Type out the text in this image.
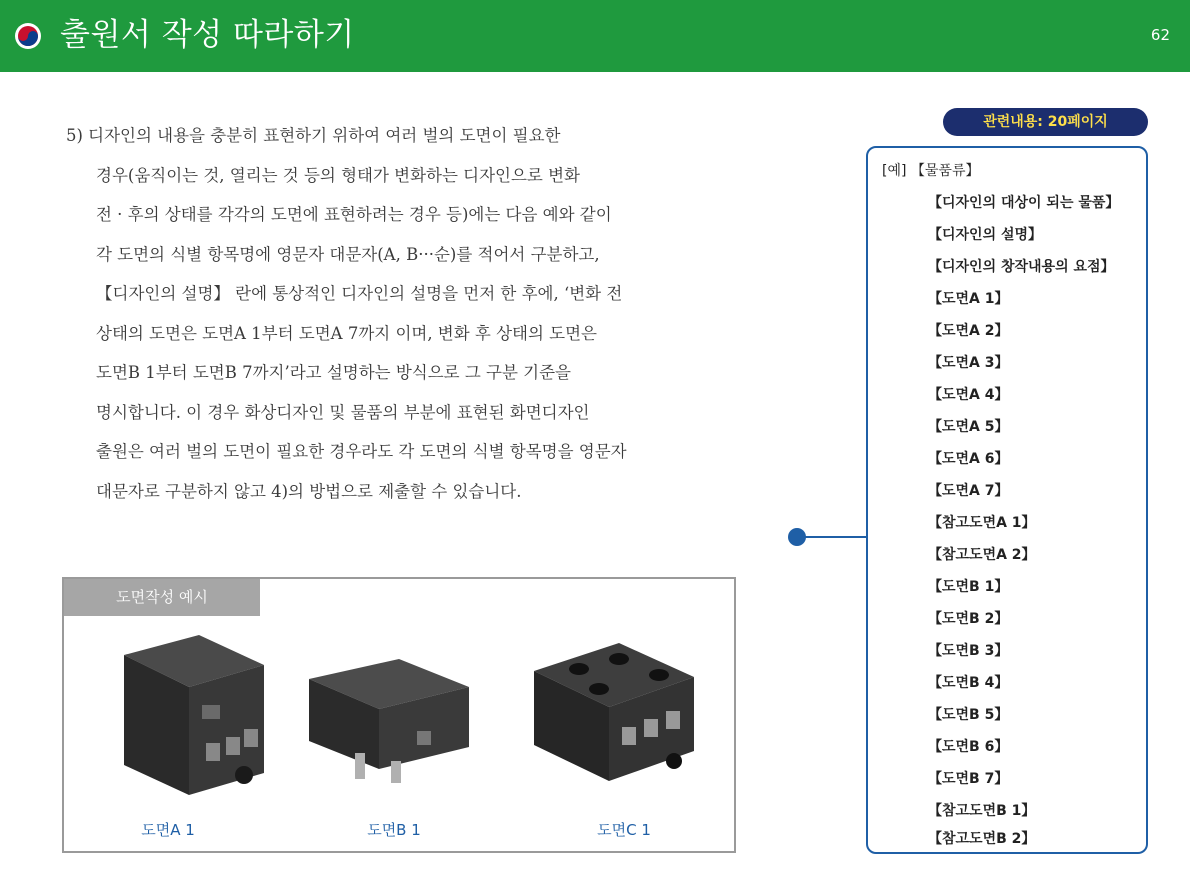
출원서 작성 따라하기	62
5) 디자인의 내용을 충분히 표현하기 위하여 여러 벌의 도면이 필요한
경우(움직이는 것, 열리는 것 등의 형태가 변화하는 디자인으로 변화
전 · 후의 상태를 각각의 도면에 표현하려는 경우 등)에는 다음 예와 같이
각 도면의 식별 항목명에 영문자 대문자(A, B···순)를 적어서 구분하고,
【디자인의 설명】 란에 통상적인 디자인의 설명을 먼저 한 후에, ‘변화 전
상태의 도면은 도면A 1부터 도면A 7까지 이며, 변화 후 상태의 도면은
도면B 1부터 도면B 7까지’라고 설명하는 방식으로 그 구분 기준을
명시합니다. 이 경우 화상디자인 및 물품의 부분에 표현된 화면디자인
출원은 여러 벌의 도면이 필요한 경우라도 각 도면의 식별 항목명을 영문자
대문자로 구분하지 않고 4)의 방법으로 제출할 수 있습니다.
관련내용: 20페이지
[예] 【물품류】
【디자인의 대상이 되는 물품】
【디자인의 설명】
【디자인의 창작내용의 요점】
【도면A 1】
【도면A 2】
【도면A 3】
【도면A 4】
【도면A 5】
【도면A 6】
【도면A 7】
【참고도면A 1】
【참고도면A 2】
【도면B 1】
【도면B 2】
【도면B 3】
【도면B 4】
【도면B 5】
【도면B 6】
【도면B 7】
【참고도면B 1】
【참고도면B 2】
도면작성 예시
도면A 1	도면B 1	도면C 1
